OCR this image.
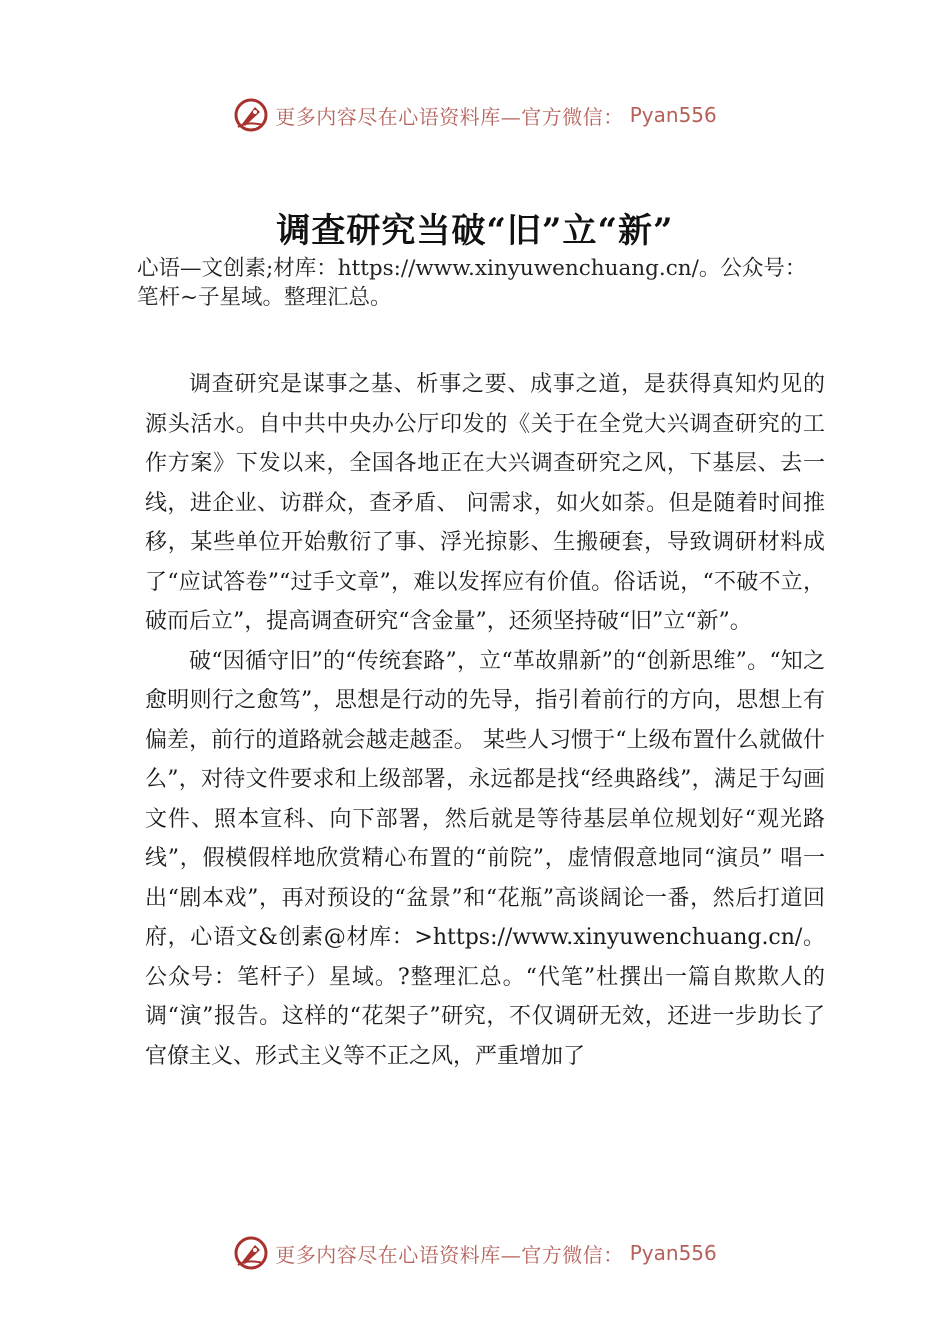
更多内容尽在心语资料库—官方微信： Pyan556
调查研究当破“旧”立“新”

心语—文创素;材库：https://www.xinyuwenchuang.cn/。公众号：笔杆~子星域。整理汇总。

调查研究是谋事之基、析事之要、成事之道，是获得真知灼见的源头活水。自中共中央办公厅印发的《关于在全党大兴调查研究的工作方案》下发以来，全国各地正在大兴调查研究之风，下基层、去一线，进企业、访群众，查矛盾、 问需求，如火如荼。但是随着时间推移，某些单位开始敷衍了事、浮光掠影、生搬硬套，导致调研材料成了“应试答卷”“过手文章”，难以发挥应有价值。俗话说，“不破不立，破而后立”，提高调查研究“含金量”，还须坚持破“旧”立“新”。

破“因循守旧”的“传统套路”，立“革故鼎新”的“创新思维”。“知之愈明则行之愈笃”，思想是行动的先导，指引着前行的方向，思想上有偏差，前行的道路就会越走越歪。 某些人习惯于“上级布置什么就做什么”，对待文件要求和上级部署，永远都是找“经典路线”，满足于勾画文件、照本宣科、向下部署，然后就是等待基层单位规划好“观光路线”，假模假样地欣赏精心布置的“前院”，虚情假意地同“演员” 唱一出“剧本戏”，再对预设的“盆景”和“花瓶”高谈阔论一番，然后打道回府，心语文&创素@材库：>https://www.xinyuwenchuang.cn/。公众号：笔杆子）星域。?整理汇总。“代笔”杜撰出一篇自欺欺人的调“演”报告。这样的“花架子”研究，不仅调研无效，还进一步助长了官僚主义、形式主义等不正之风，严重增加了

更多内容尽在心语资料库—官方微信： Pyan556
